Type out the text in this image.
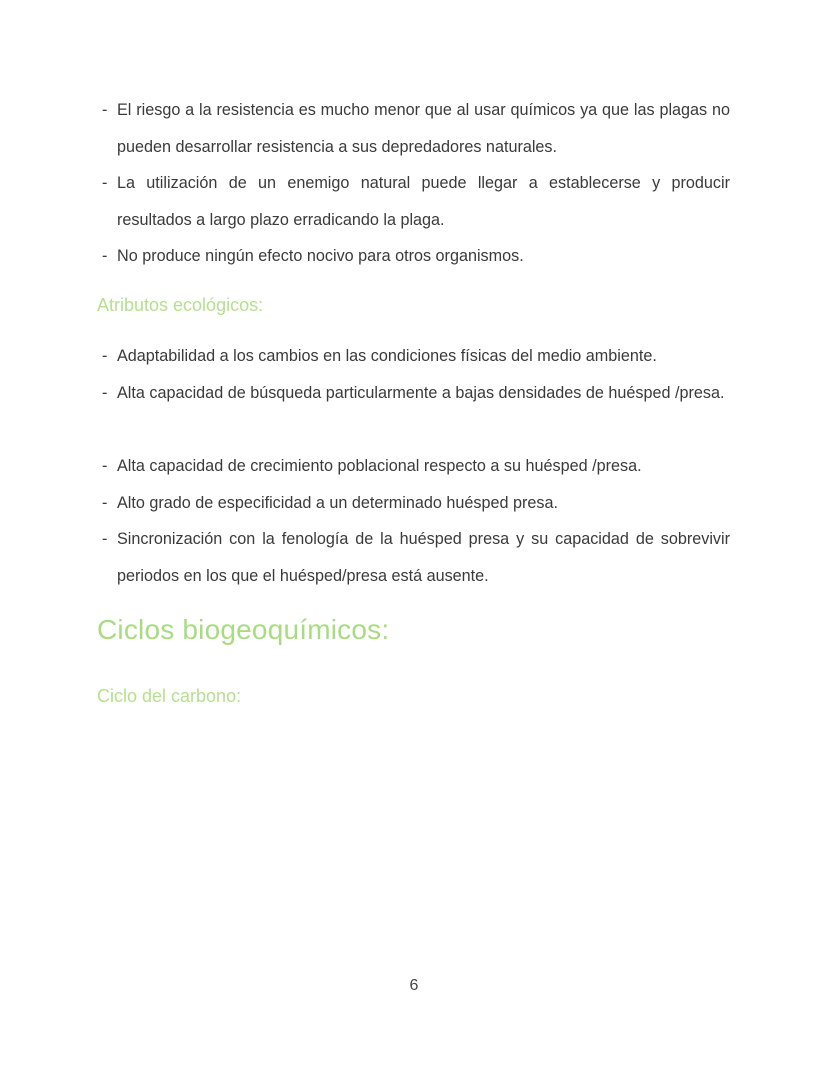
- El riesgo a la resistencia es mucho menor que al usar químicos ya que las plagas no pueden desarrollar resistencia a sus depredadores naturales.
- La utilización de un enemigo natural puede llegar a establecerse y producir resultados a largo plazo erradicando la plaga.
- No produce ningún efecto nocivo para otros organismos.
Atributos ecológicos:
- Adaptabilidad a los cambios en las condiciones físicas del medio ambiente.
- Alta capacidad de búsqueda particularmente a bajas densidades de huésped /presa.
- Alta capacidad de crecimiento poblacional respecto a su huésped /presa.
- Alto grado de especificidad a un determinado huésped presa.
- Sincronización con la fenología de la huésped presa y su capacidad de sobrevivir periodos en los que el huésped/presa está ausente.
Ciclos biogeoquímicos:
Ciclo del carbono:
6
